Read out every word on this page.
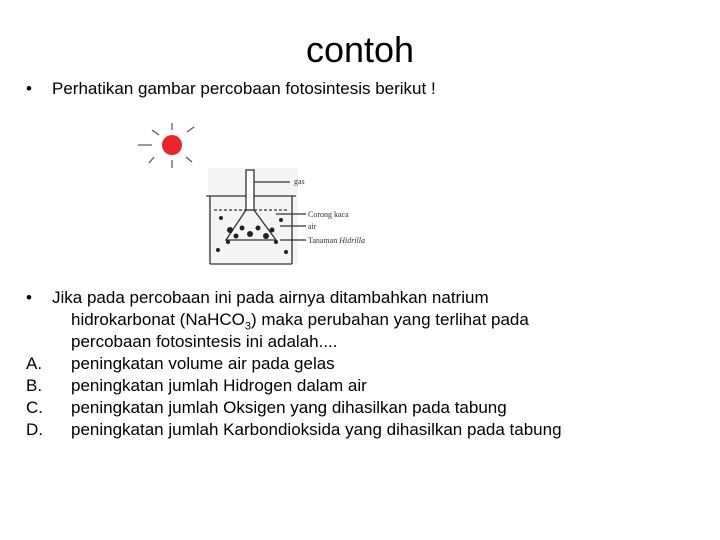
contoh
• Perhatikan gambar percobaan fotosintesis berikut !
gas
Corong kaca
air
Tanaman Hidrilla
• Jika pada percobaan ini pada airnya ditambahkan natrium
hidrokarbonat (NaHCO$_3$) maka perubahan yang terlihat pada
percobaan fotosintesis ini adalah....
A. peningkatan volume air pada gelas
B. peningkatan jumlah Hidrogen dalam air
C. peningkatan jumlah Oksigen yang dihasilkan pada tabung
D. peningkatan jumlah Karbondioksida yang dihasilkan pada tabung
